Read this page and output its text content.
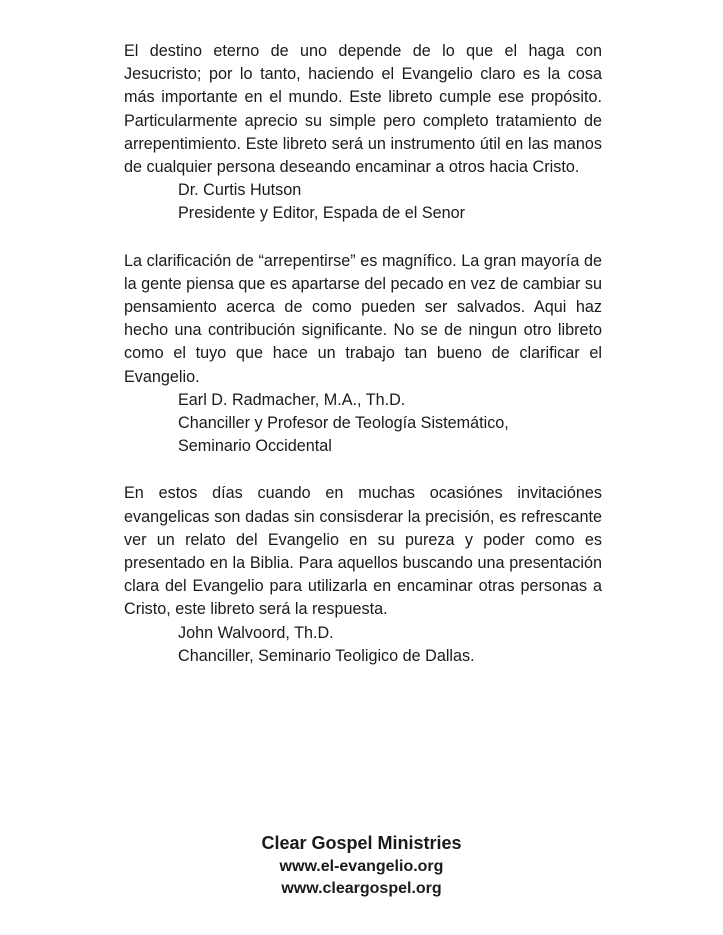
El destino eterno de uno depende de lo que el haga con Jesucristo; por lo tanto, haciendo el Evangelio claro es la cosa más importante en el mundo. Este libreto cumple ese propósito. Particularmente aprecio su simple pero completo tratamiento de arrepentimiento. Este libreto será un instrumento útil en las manos de cualquier persona deseando encaminar a otros hacia Cristo.

Dr. Curtis Hutson
Presidente y Editor, Espada de el Senor

La clarificación de “arrepentirse” es magnífico. La gran mayoría de la gente piensa que es apartarse del pecado en vez de cambiar su pensamiento acerca de como pueden ser salvados. Aqui haz hecho una contribución significante. No se de ningun otro libreto como el tuyo que hace un trabajo tan bueno de clarificar el Evangelio.

Earl D. Radmacher, M.A., Th.D.
Chanciller y Profesor de Teología Sistemático,
Seminario Occidental

En estos días cuando en muchas ocasiónes invitaciónes evangelicas son dadas sin consisderar la precisión, es refrescante ver un relato del Evangelio en su pureza y poder como es presentado en la Biblia. Para aquellos buscando una presentación clara del Evangelio para utilizarla en encaminar otras personas a Cristo, este libreto será la respuesta.

John Walvoord, Th.D.
Chanciller, Seminario Teoligico de Dallas.
Clear Gospel Ministries
www.el-evangelio.org
www.cleargospel.org
